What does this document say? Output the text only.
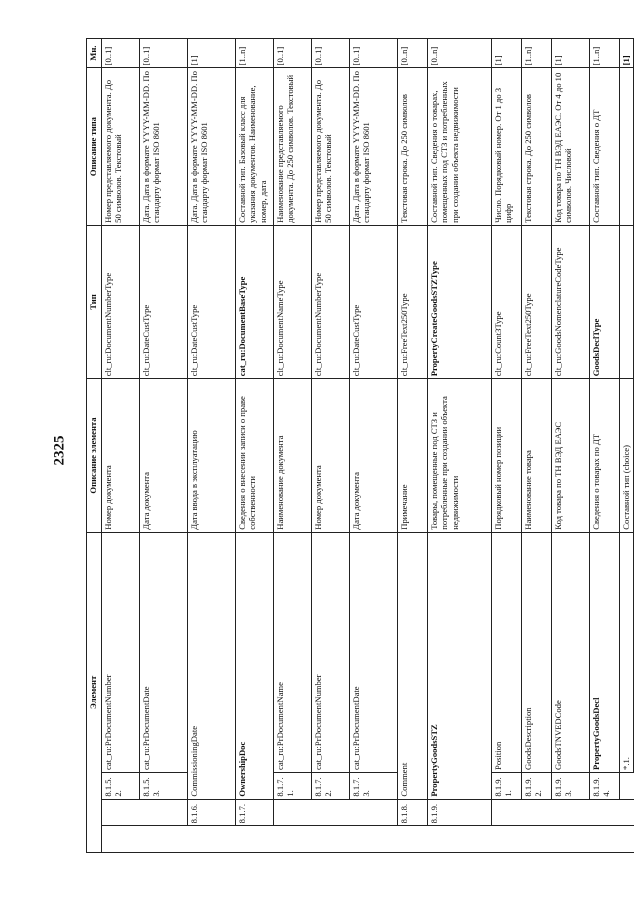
2325
Элемент				Описание элемента	Тип	Описание типа	Мн.
		8.1.5.2.	cat_ru:PrDocumentNumber	Номер документа	clt_ru:DocumentNumberType	Номер представляемого документа. До 50 символов. Текстовый	[0..1]
		8.1.5.3.	cat_ru:PrDocumentDate	Дата документа	clt_ru:DateCustType	Дата. Дата в формате YYYY-MM-DD. По стандарту формат ISO 8601	[0..1]
	8.1.6.	CommissioningDate		Дата ввода в эксплуатацию	clt_ru:DateCustType	Дата. Дата в формате YYYY-MM-DD. По стандарту формат ISO 8601	[1]
	8.1.7.	OwnershipDoc		Сведения о внесении записи о праве собственности	cat_ru:DocumentBaseType	Составной тип. Базовый класс для указания документов. Наименование, номер, дата	[1..n]
		8.1.7.1.	cat_ru:PrDocumentName	Наименование документа	clt_ru:DocumentNameType	Наименование представляемого документа. До 250 символов. Текстовый	[0..1]
		8.1.7.2.	cat_ru:PrDocumentNumber	Номер документа	clt_ru:DocumentNumberType	Номер представляемого документа. До 50 символов. Текстовый	[0..1]
		8.1.7.3.	cat_ru:PrDocumentDate	Дата документа	clt_ru:DateCustType	Дата. Дата в формате YYYY-MM-DD. По стандарту формат ISO 8601	[0..1]
	8.1.8.	Comment		Примечание	clt_ru:FreeText250Type	Текстовая строка. До 250 символов	[0..n]
	8.1.9.	PropertyGoodsSTZ		Товары, помещенные под СТЗ и потребленные при создании объекта недвижимости	PropertyCreateGoodsSTZType	Составной тип. Сведения о товарах, помещенных под СТЗ и потребленных при создании объекта недвижимости	[0..n]
		8.1.9.1.	Position	Порядковый номер позиции	clt_ru:Count3Type	Число. Порядковый номер. От 1 до 3 цифр	[1]
		8.1.9.2.	GoodsDescription	Наименование товара	clt_ru:FreeText250Type	Текстовая строка. До 250 символов	[1..n]
		8.1.9.3.	GoodsTNVEDCode	Код товара по ТН ВЭД ЕАЭС	clt_ru:GoodsNomenclatureCodeType	Код товара по ТН ВЭД ЕАЭС. От 4 до 10 символов. Числовой	[1]
		8.1.9.4.	PropertyGoodsDecl	Сведения о товарах по ДТ	GoodsDeclType	Составной тип. Сведения о ДТ	[1..n]
			*.1.	Составной тип (choice)			[1]
